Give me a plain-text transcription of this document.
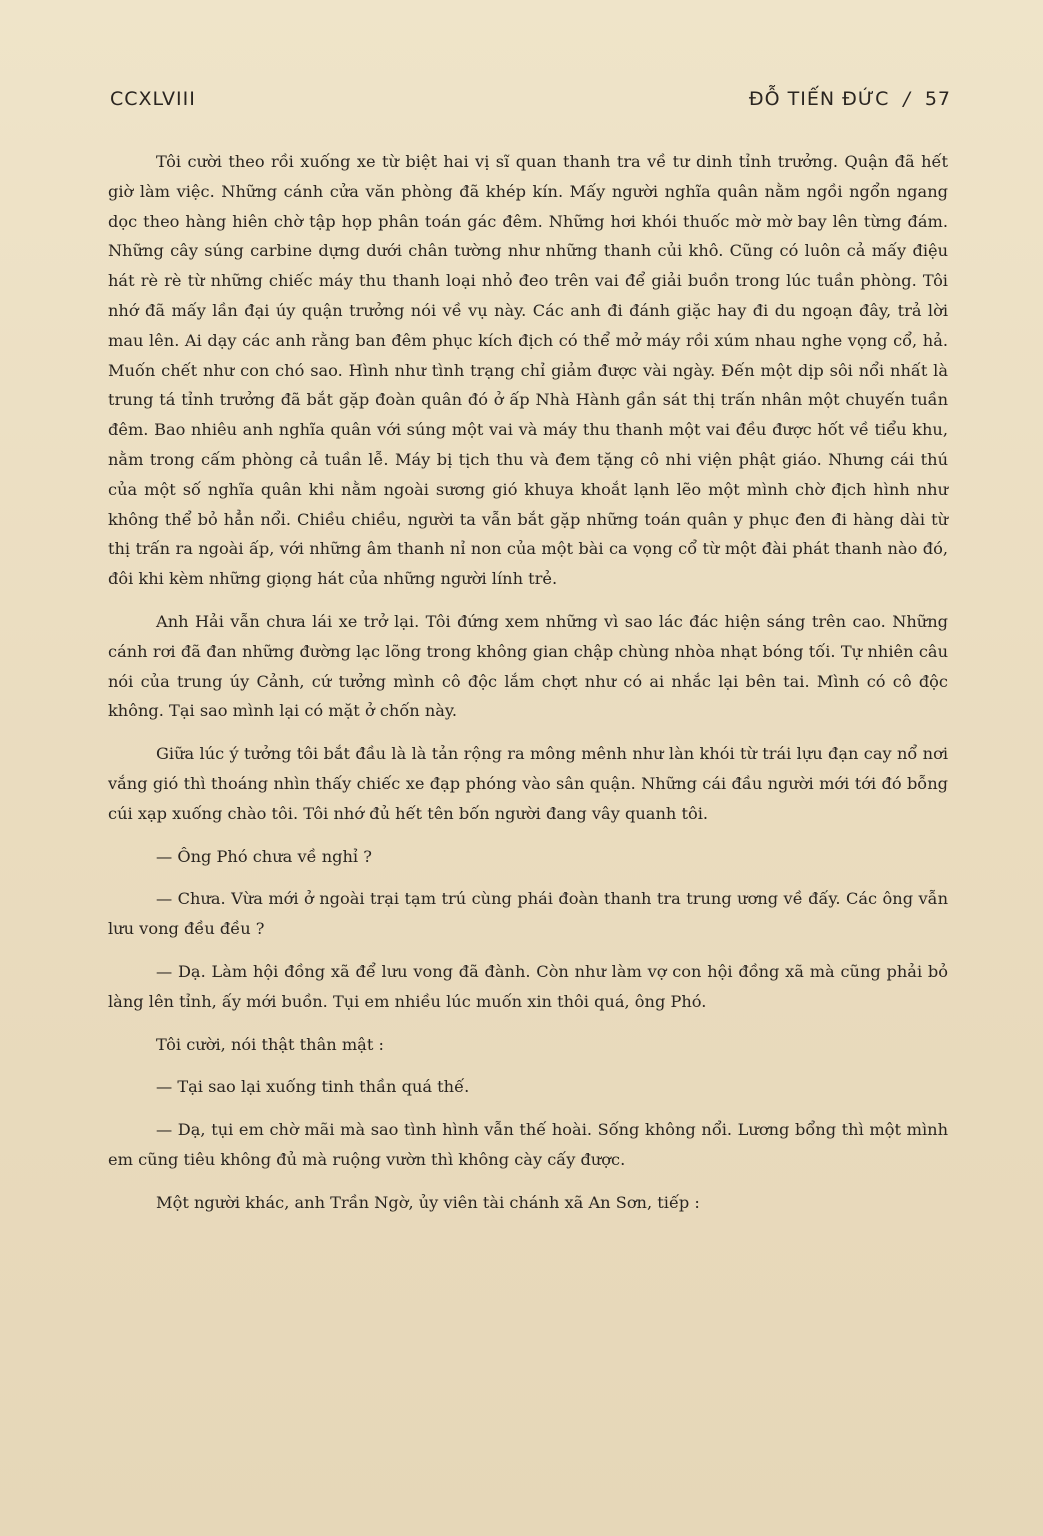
CCXLVIII	ĐỖ TIẾN ĐỨC / 57

Tôi cười theo rồi xuống xe từ biệt hai vị sĩ quan thanh tra về tư dinh tỉnh trưởng. Quận đã hết giờ làm việc. Những cánh cửa văn phòng đã khép kín. Mấy người nghĩa quân nằm ngồi ngổn ngang dọc theo hàng hiên chờ tập họp phân toán gác đêm. Những hơi khói thuốc mờ mờ bay lên từng đám. Những cây súng carbine dựng dưới chân tường như những thanh củi khô. Cũng có luôn cả mấy điệu hát rè rè từ những chiếc máy thu thanh loại nhỏ đeo trên vai để giải buồn trong lúc tuần phòng. Tôi nhớ đã mấy lần đại úy quận trưởng nói về vụ này. Các anh đi đánh giặc hay đi du ngoạn đây, trả lời mau lên. Ai dạy các anh rằng ban đêm phục kích địch có thể mở máy rồi xúm nhau nghe vọng cổ, hả. Muốn chết như con chó sao. Hình như tình trạng chỉ giảm được vài ngày. Đến một dịp sôi nổi nhất là trung tá tỉnh trưởng đã bắt gặp đoàn quân đó ở ấp Nhà Hành gần sát thị trấn nhân một chuyến tuần đêm. Bao nhiêu anh nghĩa quân với súng một vai và máy thu thanh một vai đều được hốt về tiểu khu, nằm trong cấm phòng cả tuần lễ. Máy bị tịch thu và đem tặng cô nhi viện phật giáo. Nhưng cái thú của một số nghĩa quân khi nằm ngoài sương gió khuya khoắt lạnh lẽo một mình chờ địch hình như không thể bỏ hẳn nổi. Chiều chiều, người ta vẫn bắt gặp những toán quân y phục đen đi hàng dài từ thị trấn ra ngoài ấp, với những âm thanh nỉ non của một bài ca vọng cổ từ một đài phát thanh nào đó, đôi khi kèm những giọng hát của những người lính trẻ.

Anh Hải vẫn chưa lái xe trở lại. Tôi đứng xem những vì sao lác đác hiện sáng trên cao. Những cánh rơi đã đan những đường lạc lõng trong không gian chập chùng nhòa nhạt bóng tối. Tự nhiên câu nói của trung úy Cảnh, cứ tưởng mình cô độc lắm chợt như có ai nhắc lại bên tai. Mình có cô độc không. Tại sao mình lại có mặt ở chốn này.

Giữa lúc ý tưởng tôi bắt đầu là là tản rộng ra mông mênh như làn khói từ trái lựu đạn cay nổ nơi vắng gió thì thoáng nhìn thấy chiếc xe đạp phóng vào sân quận. Những cái đầu người mới tới đó bỗng cúi xạp xuống chào tôi. Tôi nhớ đủ hết tên bốn người đang vây quanh tôi.

— Ông Phó chưa về nghỉ ?

— Chưa. Vừa mới ở ngoài trại tạm trú cùng phái đoàn thanh tra trung ương về đấy. Các ông vẫn lưu vong đều đều ?

— Dạ. Làm hội đồng xã để lưu vong đã đành. Còn như làm vợ con hội đồng xã mà cũng phải bỏ làng lên tỉnh, ấy mới buồn. Tụi em nhiều lúc muốn xin thôi quá, ông Phó.

Tôi cười, nói thật thân mật :

— Tại sao lại xuống tinh thần quá thế.

— Dạ, tụi em chờ mãi mà sao tình hình vẫn thế hoài. Sống không nổi. Lương bổng thì một mình em cũng tiêu không đủ mà ruộng vườn thì không cày cấy được.

Một người khác, anh Trần Ngờ, ủy viên tài chánh xã An Sơn, tiếp :
